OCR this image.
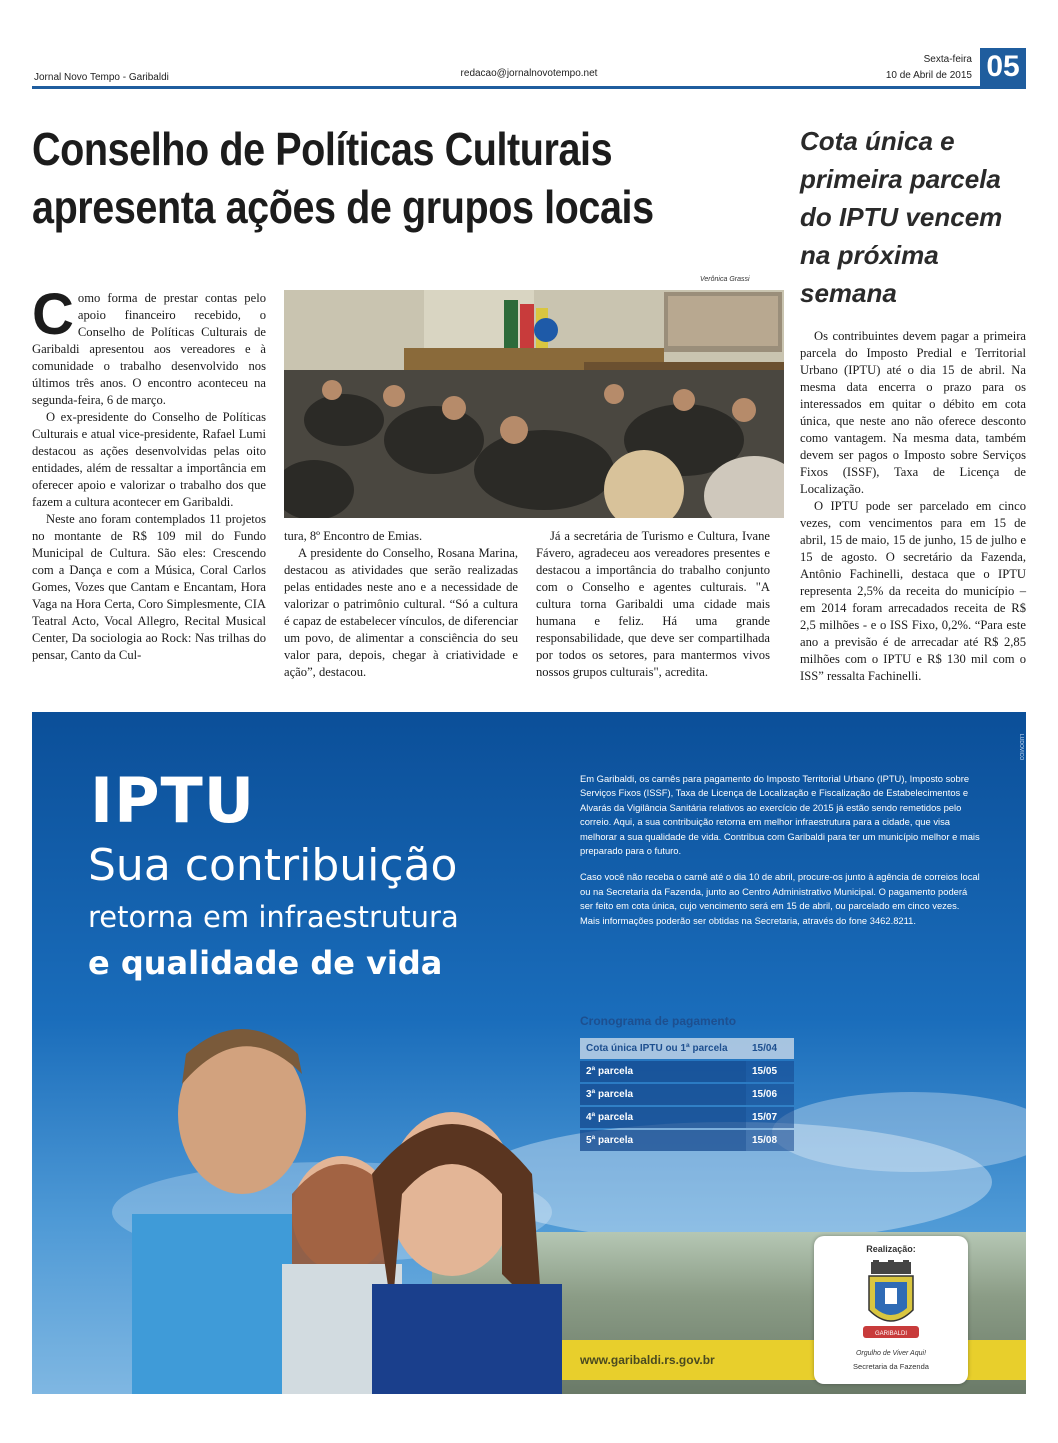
Jornal Novo Tempo - Garibaldi	redacao@jornalnovotempo.net
Sexta-feira
10 de Abril de 2015 05
Conselho de Políticas Culturais
apresenta ações de grupos locais
Cota única e
primeira parcela
do IPTU vencem
na próxima
semana

Como forma de prestar contas pelo apoio financeiro recebido, o Conselho de Políticas Culturais de Garibaldi apresentou aos vereadores e à comunidade o trabalho desenvolvido nos últimos três anos. O encontro aconteceu na segunda-feira, 6 de março.

O ex-presidente do Conselho de Políticas Culturais e atual vice-presidente, Rafael Lumi destacou as ações desenvolvidas pelas oito entidades, além de ressaltar a importância em oferecer apoio e valorizar o trabalho dos que fazem a cultura acontecer em Garibaldi.

Neste ano foram contemplados 11 projetos no montante de R$ 109 mil do Fundo Municipal de Cultura. São eles: Crescendo com a Dança e com a Música, Coral Carlos Gomes, Vozes que Cantam e Encantam, Hora Vaga na Hora Certa, Coro Simplesmente, CIA Teatral Acto, Vocal Allegro, Recital Musical Center, Da sociologia ao Rock: Nas trilhas do pensar, Canto da Cul-

Verônica Grassi

tura, 8º Encontro de Emias.

A presidente do Conselho, Rosana Marina, destacou as atividades que serão realizadas pelas entidades neste ano e a necessidade de valorizar o patrimônio cultural. “Só a cultura é capaz de estabelecer vínculos, de diferenciar um povo, de alimentar a consciência do seu valor para, depois, chegar à criatividade e ação”, destacou.

Já a secretária de Turismo e Cultura, Ivane Fávero, agradeceu aos vereadores presentes e destacou a importância do trabalho conjunto com o Conselho e agentes culturais. "A cultura torna Garibaldi uma cidade mais humana e feliz. Há uma grande responsabilidade, que deve ser compartilhada por todos os setores, para mantermos vivos nossos grupos culturais", acredita.

Os contribuintes devem pagar a primeira parcela do Imposto Predial e Territorial Urbano (IPTU) até o dia 15 de abril. Na mesma data encerra o prazo para os interessados em quitar o débito em cota única, que neste ano não oferece desconto como vantagem. Na mesma data, também devem ser pagos o Imposto sobre Serviços Fixos (ISSF), Taxa de Licença de Localização.

O IPTU pode ser parcelado em cinco vezes, com vencimentos para em 15 de abril, 15 de maio, 15 de junho, 15 de julho e 15 de agosto. O secretário da Fazenda, Antônio Fachinelli, destaca que o IPTU representa 2,5% da receita do município – em 2014 foram arrecadados receita de R$ 2,5 milhões - e o ISS Fixo, 0,2%. “Para este ano a previsão é de arrecadar até R$ 2,85 milhões com o IPTU e R$ 130 mil com o ISS” ressalta Fachinelli.

www.garibaldi.rs.gov.br
IPTU
Sua contribuição
retorna em infraestrutura
e qualidade de vida

Em Garibaldi, os carnês para pagamento do Imposto Territorial Urbano (IPTU), Imposto sobre Serviços Fixos (ISSF), Taxa de Licença de Localização e Fiscalização de Estabelecimentos e Alvarás da Vigilância Sanitária relativos ao exercício de 2015 já estão sendo remetidos pelo correio. Aqui, a sua contribuição retorna em melhor infraestrutura para a cidade, que visa melhorar a sua qualidade de vida. Contribua com Garibaldi para ter um município melhor e mais preparado para o futuro.

Caso você não receba o carnê até o dia 10 de abril, procure-os junto à agência de correios local ou na Secretaria da Fazenda, junto ao Centro Administrativo Municipal. O pagamento poderá ser feito em cota única, cujo vencimento será em 15 de abril, ou parcelado em cinco vezes. Mais informações poderão ser obtidas na Secretaria, através do fone 3462.8211.

Cronograma de pagamento
Cota única IPTU ou 1ª parcela	15/04
2ª parcela	15/05
3ª parcela	15/06
4ª parcela	15/07
5ª parcela	15/08
Realização:
GARIBALDI
Orgulho de Viver Aqui!
Secretaria da Fazenda
LUDOVICO
